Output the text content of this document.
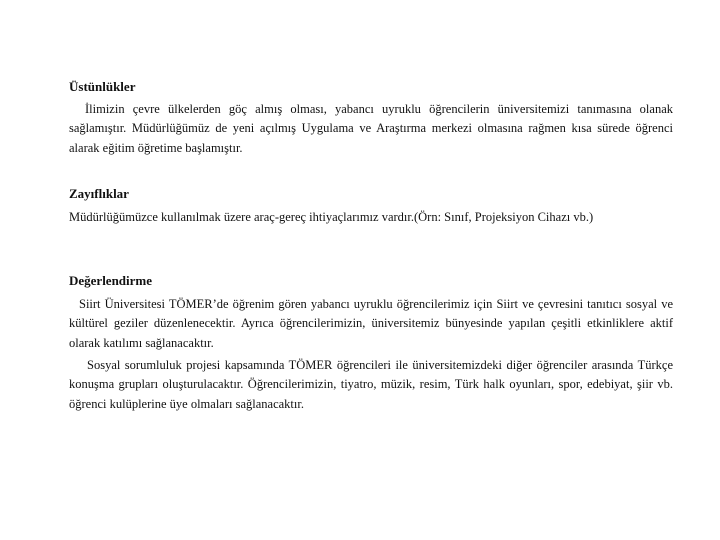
Üstünlükler
İlimizin çevre ülkelerden göç almış olması, yabancı uyruklu öğrencilerin üniversitemizi tanımasına olanak sağlamıştır. Müdürlüğümüz de yeni açılmış Uygulama ve Araştırma merkezi olmasına rağmen kısa sürede öğrenci alarak eğitim öğretime başlamıştır.
Zayıflıklar
Müdürlüğümüzce kullanılmak üzere araç-gereç ihtiyaçlarımız vardır.(Örn: Sınıf, Projeksiyon Cihazı vb.)
Değerlendirme
Siirt Üniversitesi TÖMER’de öğrenim gören yabancı uyruklu öğrencilerimiz için Siirt ve çevresini tanıtıcı sosyal ve kültürel geziler düzenlenecektir. Ayrıca öğrencilerimizin, üniversitemiz bünyesinde yapılan çeşitli etkinliklere aktif olarak katılımı sağlanacaktır.
Sosyal sorumluluk projesi kapsamında TÖMER öğrencileri ile üniversitemizdeki diğer öğrenciler arasında Türkçe konuşma grupları oluşturulacaktır. Öğrencilerimizin, tiyatro, müzik, resim, Türk halk oyunları, spor, edebiyat, şiir vb. öğrenci kulüplerine üye olmaları sağlanacaktır.
